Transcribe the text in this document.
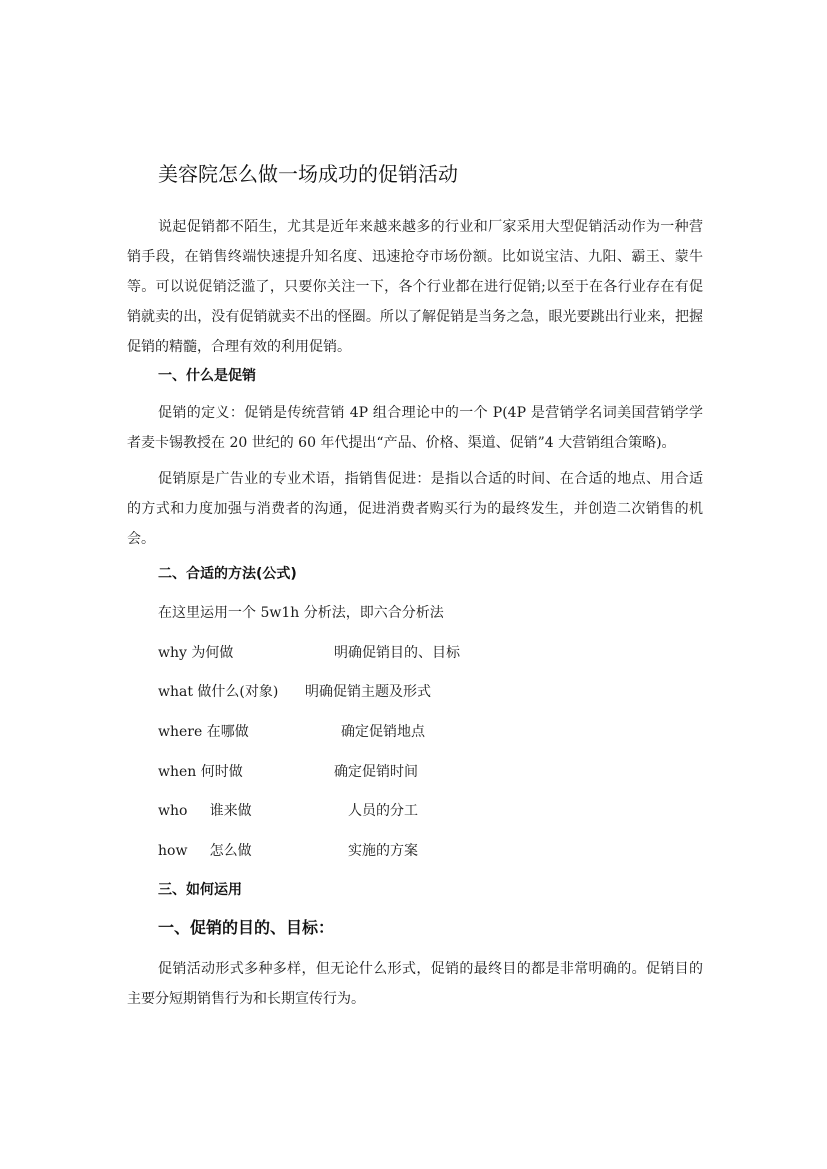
美容院怎么做一场成功的促销活动

说起促销都不陌生，尤其是近年来越来越多的行业和厂家采用大型促销活动作为一种营销手段，在销售终端快速提升知名度、迅速抢夺市场份额。比如说宝洁、九阳、霸王、蒙牛等。可以说促销泛滥了，只要你关注一下，各个行业都在进行促销;以至于在各行业存在有促销就卖的出，没有促销就卖不出的怪圈。所以了解促销是当务之急，眼光要跳出行业来，把握促销的精髓，合理有效的利用促销。

一、什么是促销

促销的定义：促销是传统营销 4P 组合理论中的一个 P(4P 是营销学名词美国营销学学者麦卡锡教授在 20 世纪的 60 年代提出“产品、价格、渠道、促销”4 大营销组合策略)。

促销原是广告业的专业术语，指销售促进：是指以合适的时间、在合适的地点、用合适的方式和力度加强与消费者的沟通，促进消费者购买行为的最终发生，并创造二次销售的机会。

二、合适的方法(公式)

在这里运用一个 5w1h 分析法，即六合分析法

why 为何做	明确促销目的、目标

what 做什么(对象) 明确促销主题及形式

where 在哪做	确定促销地点

when 何时做	确定促销时间

who     谁来做	人员的分工

how     怎么做	实施的方案

三、如何运用
一、促销的目的、目标：

促销活动形式多种多样，但无论什么形式，促销的最终目的都是非常明确的。促销目的主要分短期销售行为和长期宣传行为。
